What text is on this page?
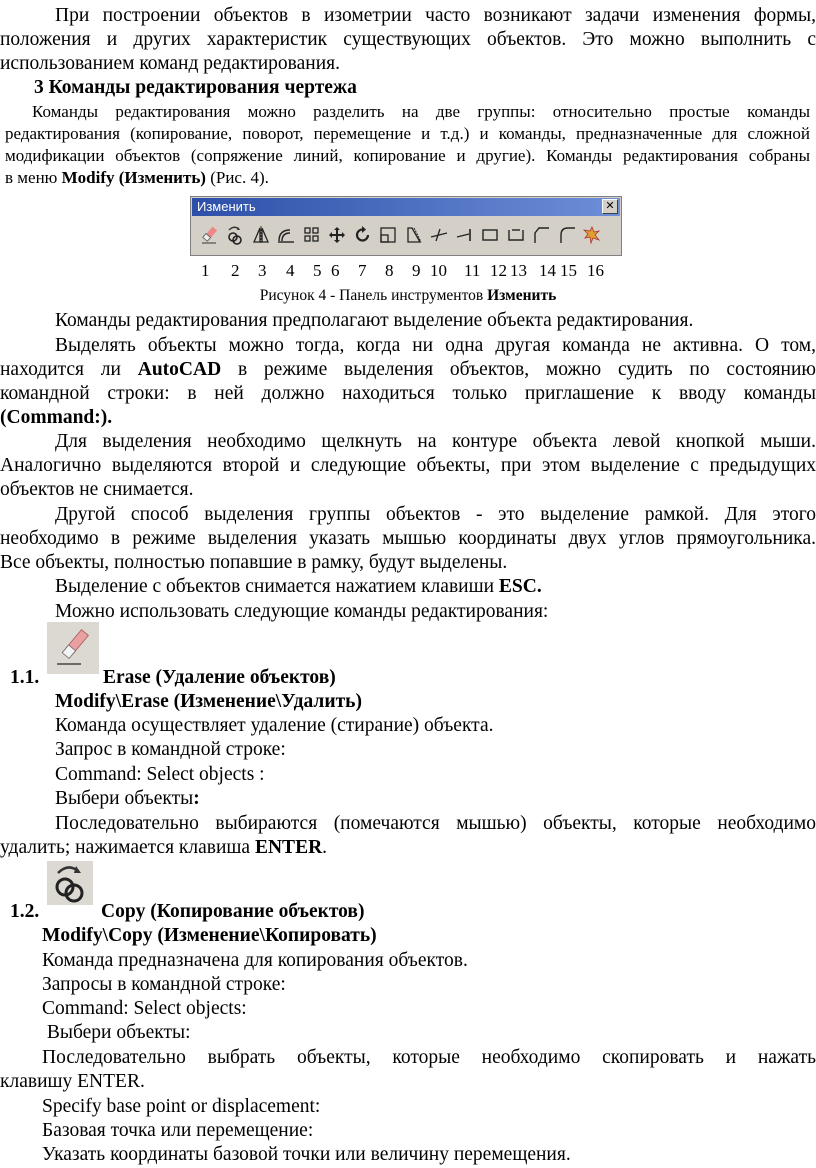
При построении объектов в изометрии часто возникают задачи изменения формы,
положения и других характеристик существующих объектов. Это можно выполнить с
использованием команд редактирования.
3 Команды редактирования чертежа
Команды редактирования можно разделить на две группы: относительно простые команды
редактирования (копирование, поворот, перемещение и т.д.) и команды, предназначенные для сложной
модификации объектов (сопряжение линий, копирование и другие). Команды редактирования собраны
в меню Modify (Изменить) (Рис. 4).
Изменить	✕
1 2 3 4 5 6 7 8 9 10 11 12 13 14 15 16
Рисунок 4 - Панель инструментов Изменить
Команды редактирования предполагают выделение объекта редактирования.
Выделять объекты можно тогда, когда ни одна другая команда не активна. О том,
находится ли AutoCAD в режиме выделения объектов, можно судить по состоянию
командной строки: в ней должно находиться только приглашение к вводу команды
(Command:).
Для выделения необходимо щелкнуть на контуре объекта левой кнопкой мыши.
Аналогично выделяются второй и следующие объекты, при этом выделение с предыдущих
объектов не снимается.
Другой способ выделения группы объектов - это выделение рамкой. Для этого
необходимо в режиме выделения указать мышью координаты двух углов прямоугольника.
Все объекты, полностью попавшие в рамку, будут выделены.
Выделение с объектов снимается нажатием клавиши ESC.
Можно использовать следующие команды редактирования:
1.1.	Erase (Удаление объектов)
Modify\Erase (Изменение\Удалить)
Команда осуществляет удаление (стирание) объекта.
Запрос в командной строке:
Command: Select objects :
Выбери объекты:
Последовательно выбираются (помечаются мышью) объекты, которые необходимо
удалить; нажимается клавиша ENTER.
1.2.	Copy (Копирование объектов)
Modify\Copy (Изменение\Копировать)
Команда предназначена для копирования объектов.
Запросы в командной строке:
Command: Select objects:
Выбери объекты:
Последовательно выбрать объекты, которые необходимо скопировать и нажать
клавишу ENTER.
Specify base point or displacement:
Базовая точка или перемещение:
Указать координаты базовой точки или величину перемещения.
